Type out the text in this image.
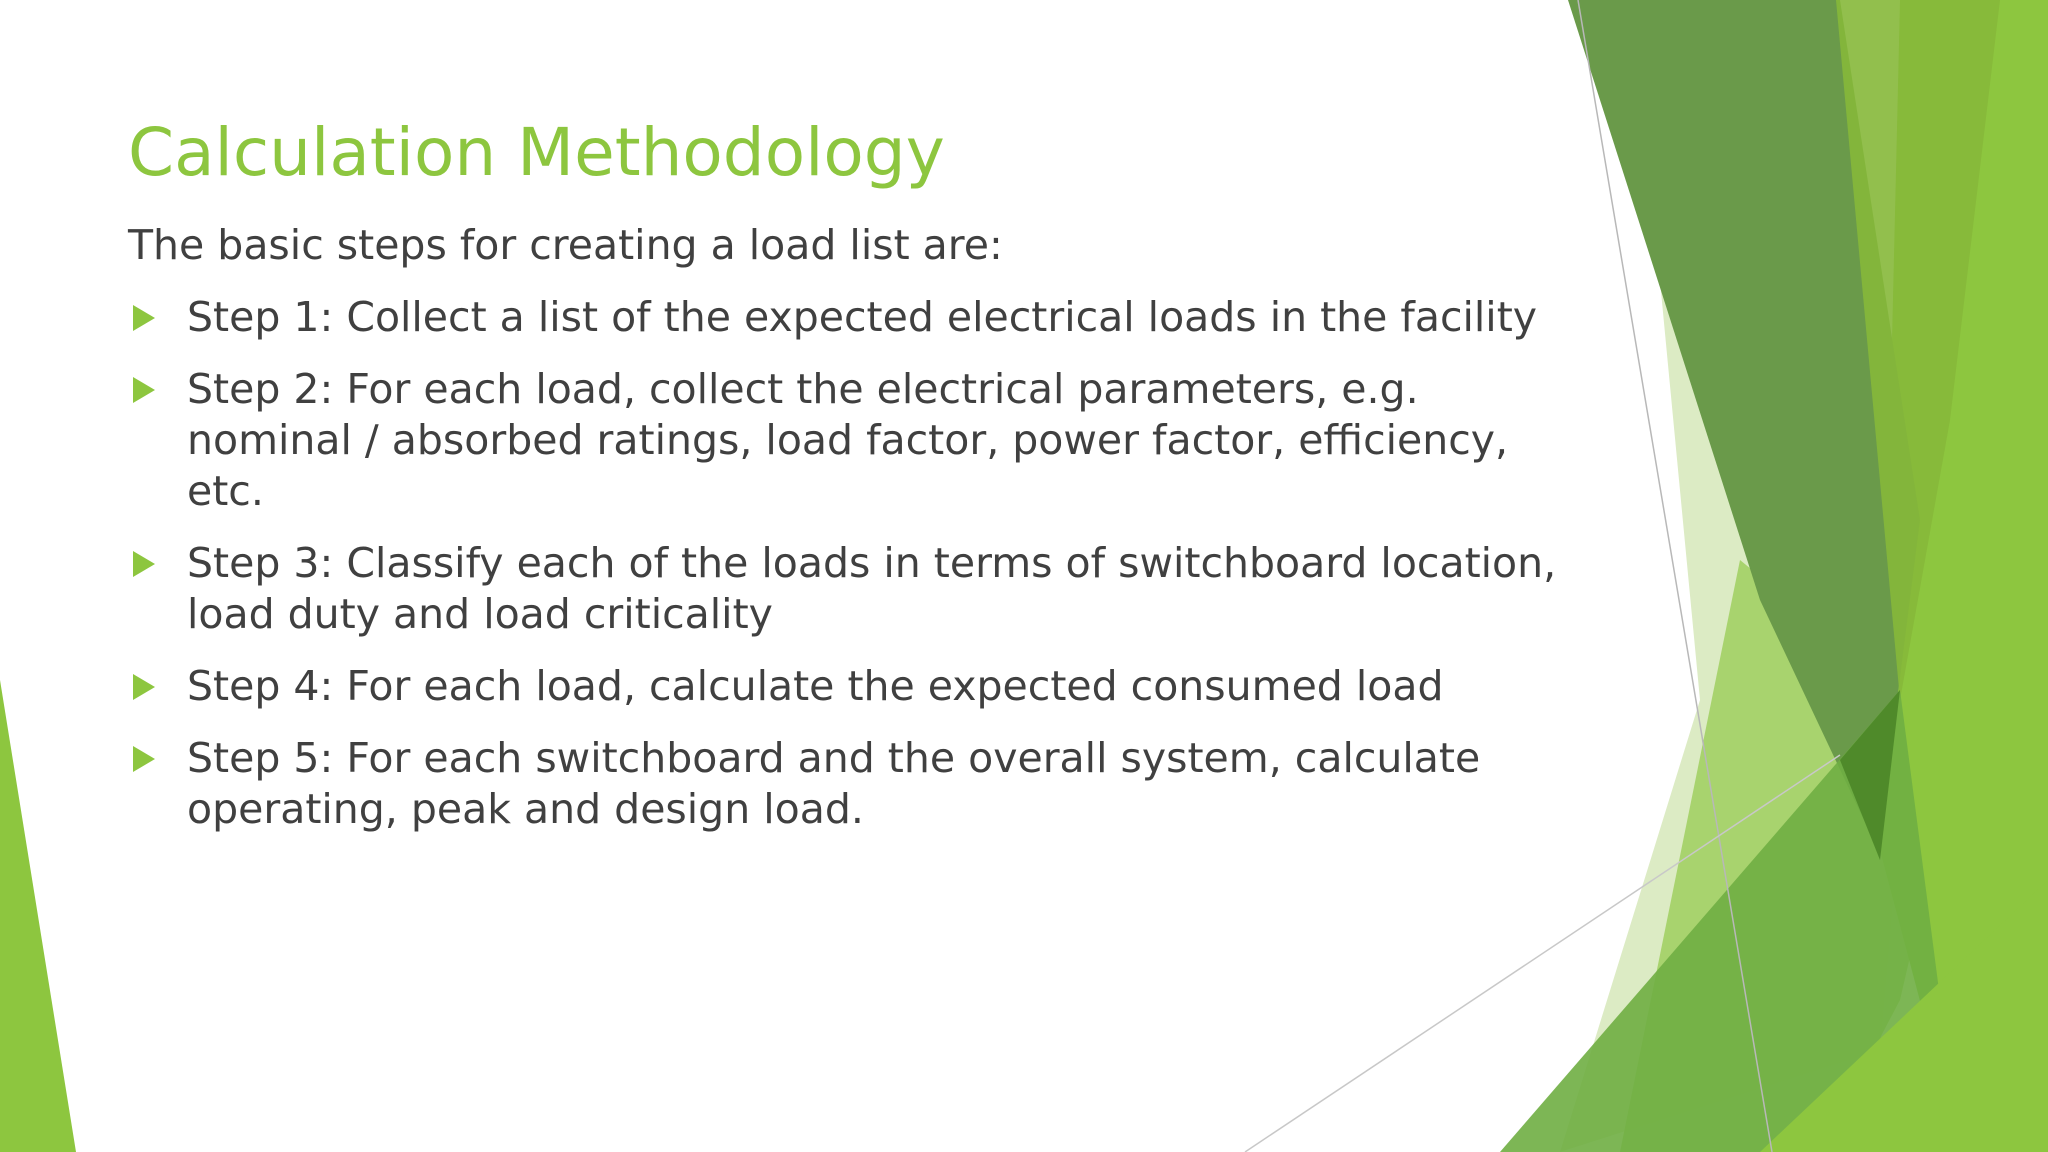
Calculation Methodology
The basic steps for creating a load list are:
Step 1: Collect a list of the expected electrical loads in the facility
Step 2: For each load, collect the electrical parameters, e.g. nominal / absorbed ratings, load factor, power factor, efficiency, etc.
Step 3: Classify each of the loads in terms of switchboard location, load duty and load criticality
Step 4: For each load, calculate the expected consumed load
Step 5: For each switchboard and the overall system, calculate operating, peak and design load.
